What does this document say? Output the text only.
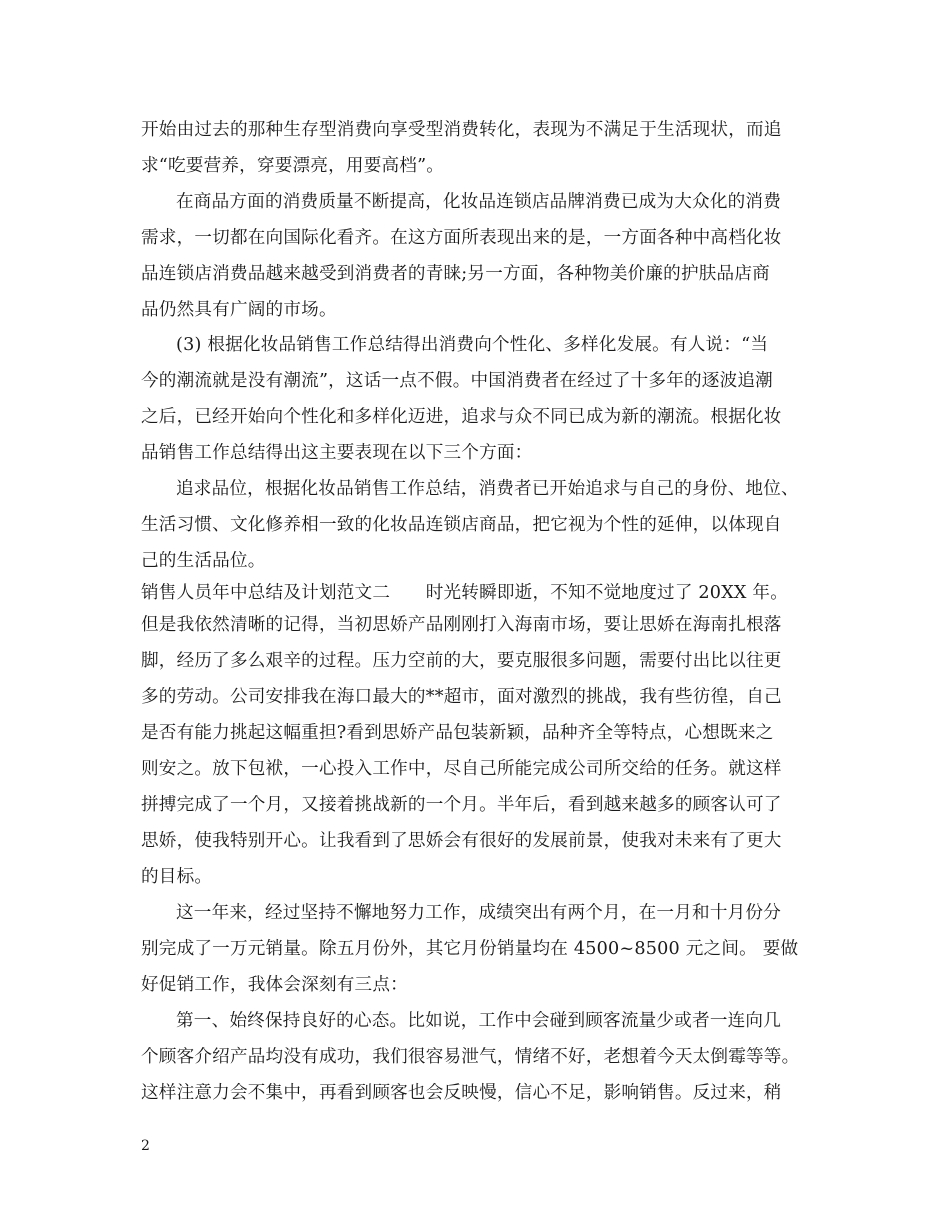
开始由过去的那种生存型消费向享受型消费转化，表现为不满足于生活现状，而追
求“吃要营养，穿要漂亮，用要高档”。
在商品方面的消费质量不断提高，化妆品连锁店品牌消费已成为大众化的消费
需求，一切都在向国际化看齐。在这方面所表现出来的是，一方面各种中高档化妆
品连锁店消费品越来越受到消费者的青睐;另一方面，各种物美价廉的护肤品店商
品仍然具有广阔的市场。
(3) 根据化妆品销售工作总结得出消费向个性化、多样化发展。有人说：“当
今的潮流就是没有潮流”，这话一点不假。中国消费者在经过了十多年的逐波追潮
之后，已经开始向个性化和多样化迈进，追求与众不同已成为新的潮流。根据化妆
品销售工作总结得出这主要表现在以下三个方面：
追求品位，根据化妆品销售工作总结，消费者已开始追求与自己的身份、地位、
生活习惯、文化修养相一致的化妆品连锁店商品，把它视为个性的延伸，以体现自
己的生活品位。
销售人员年中总结及计划范文二　　时光转瞬即逝，不知不觉地度过了 20XX 年。
但是我依然清晰的记得，当初思娇产品刚刚打入海南市场，要让思娇在海南扎根落
脚，经历了多么艰辛的过程。压力空前的大，要克服很多问题，需要付出比以往更
多的劳动。公司安排我在海口最大的**超市，面对激烈的挑战，我有些彷徨，自己
是否有能力挑起这幅重担?看到思娇产品包装新颖，品种齐全等特点，心想既来之
则安之。放下包袱，一心投入工作中，尽自己所能完成公司所交给的任务。就这样
拼搏完成了一个月，又接着挑战新的一个月。半年后，看到越来越多的顾客认可了
思娇，使我特别开心。让我看到了思娇会有很好的发展前景，使我对未来有了更大
的目标。
这一年来，经过坚持不懈地努力工作，成绩突出有两个月，在一月和十月份分
别完成了一万元销量。除五月份外，其它月份销量均在 4500~8500 元之间。 要做
好促销工作，我体会深刻有三点：
第一、始终保持良好的心态。比如说，工作中会碰到顾客流量少或者一连向几
个顾客介绍产品均没有成功，我们很容易泄气，情绪不好，老想着今天太倒霉等等。
这样注意力会不集中，再看到顾客也会反映慢，信心不足，影响销售。反过来，稍
2
